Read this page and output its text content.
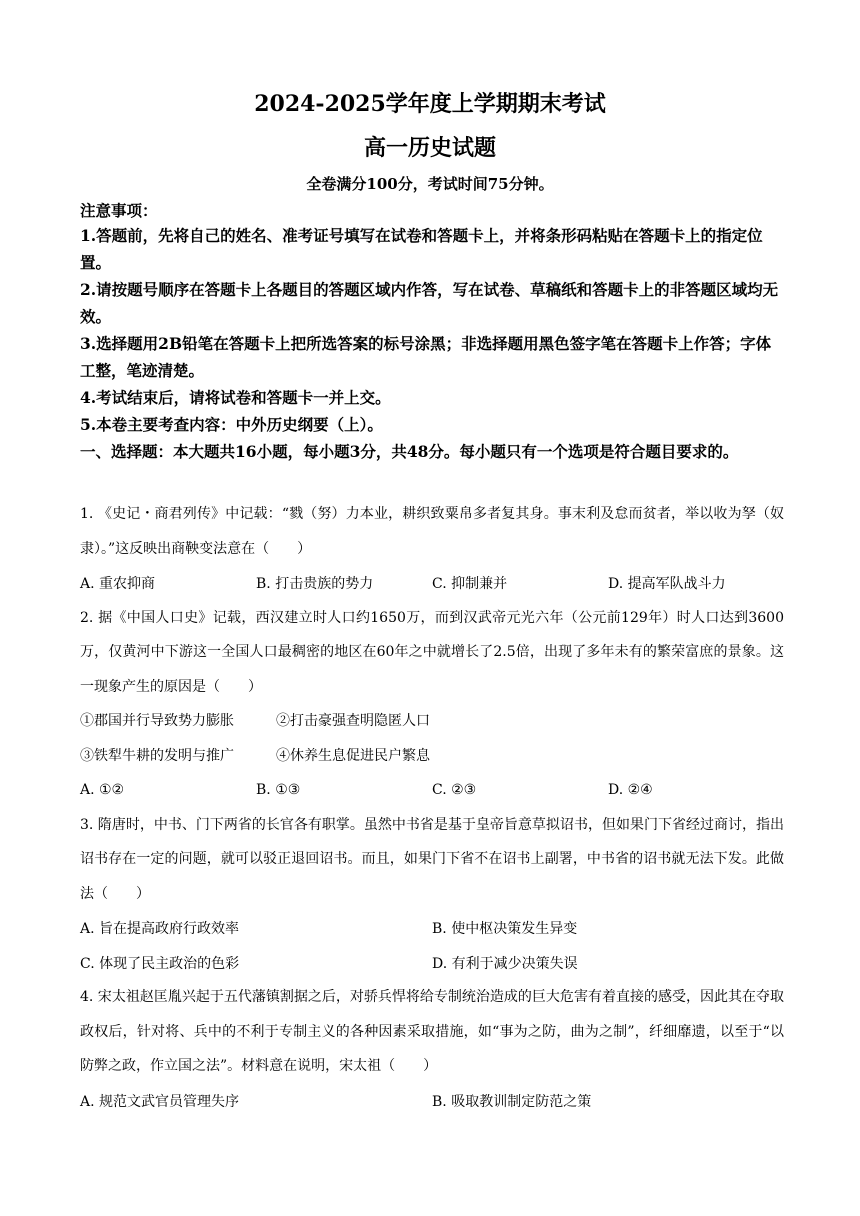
2024-2025学年度上学期期末考试
高一历史试题
全卷满分100分，考试时间75分钟。

注意事项：

1.答题前，先将自己的姓名、准考证号填写在试卷和答题卡上，并将条形码粘贴在答题卡上的指定位置。

2.请按题号顺序在答题卡上各题目的答题区域内作答，写在试卷、草稿纸和答题卡上的非答题区域均无效。

3.选择题用2B铅笔在答题卡上把所选答案的标号涂黑；非选择题用黑色签字笔在答题卡上作答；字体工整，笔迹清楚。

4.考试结束后，请将试卷和答题卡一并上交。

5.本卷主要考查内容：中外历史纲要（上）。

一、选择题：本大题共16小题，每小题3分，共48分。每小题只有一个选项是符合题目要求的。

1. 《史记・商君列传》中记载：“戮（努）力本业，耕织致粟帛多者复其身。事末利及怠而贫者，举以收为孥（奴隶）。”这反映出商鞅变法意在（　　）

A. 重农抑商	B. 打击贵族的势力	C. 抑制兼并	D. 提高军队战斗力

2. 据《中国人口史》记载，西汉建立时人口约1650万，而到汉武帝元光六年（公元前129年）时人口达到3600万，仅黄河中下游这一全国人口最稠密的地区在60年之中就增长了2.5倍，出现了多年未有的繁荣富庶的景象。这一现象产生的原因是（　　）

①郡国并行导致势力膨胀	②打击豪强查明隐匿人口
③铁犁牛耕的发明与推广	④休养生息促进民户繁息
A. ①②	B. ①③	C. ②③	D. ②④

3. 隋唐时，中书、门下两省的长官各有职掌。虽然中书省是基于皇帝旨意草拟诏书，但如果门下省经过商讨，指出诏书存在一定的问题，就可以驳正退回诏书。而且，如果门下省不在诏书上副署，中书省的诏书就无法下发。此做法（　　）

A. 旨在提高政府行政效率	B. 使中枢决策发生异变
C. 体现了民主政治的色彩	D. 有利于减少决策失误

4. 宋太祖赵匡胤兴起于五代藩镇割据之后，对骄兵悍将给专制统治造成的巨大危害有着直接的感受，因此其在夺取政权后，针对将、兵中的不利于专制主义的各种因素采取措施，如“事为之防，曲为之制”，纤细靡遗，以至于“以防弊之政，作立国之法”。材料意在说明，宋太祖（　　）

A. 规范文武官员管理失序	B. 吸取教训制定防范之策
